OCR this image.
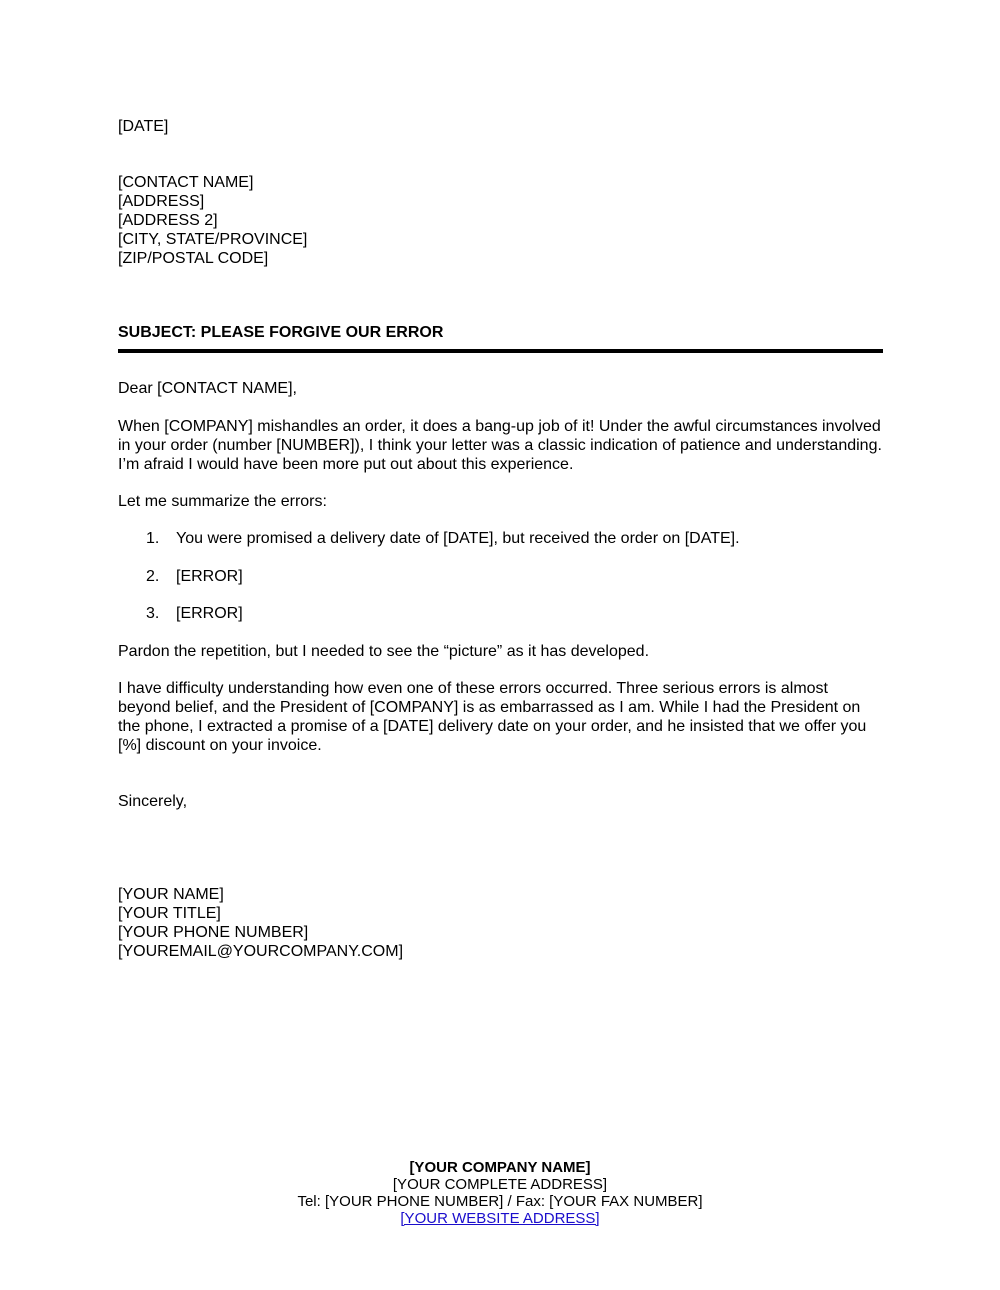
[DATE]
[CONTACT NAME]
[ADDRESS]
[ADDRESS 2]
[CITY, STATE/PROVINCE]
[ZIP/POSTAL CODE]
SUBJECT: PLEASE FORGIVE OUR ERROR
Dear [CONTACT NAME],
When [COMPANY] mishandles an order, it does a bang-up job of it! Under the awful circumstances involved in your order (number [NUMBER]), I think your letter was a classic indication of patience and understanding. I’m afraid I would have been more put out about this experience.
Let me summarize the errors:
1.	You were promised a delivery date of [DATE], but received the order on [DATE].
2.	[ERROR]
3.	[ERROR]
Pardon the repetition, but I needed to see the “picture” as it has developed.
I have difficulty understanding how even one of these errors occurred. Three serious errors is almost beyond belief, and the President of [COMPANY] is as embarrassed as I am. While I had the President on the phone, I extracted a promise of a [DATE] delivery date on your order, and he insisted that we offer you [%] discount on your invoice.
Sincerely,
[YOUR NAME]
[YOUR TITLE]
[YOUR PHONE NUMBER]
[YOUREMAIL@YOURCOMPANY.COM]
[YOUR COMPANY NAME]
[YOUR COMPLETE ADDRESS]
Tel: [YOUR PHONE NUMBER] / Fax: [YOUR FAX NUMBER]
[YOUR WEBSITE ADDRESS]
